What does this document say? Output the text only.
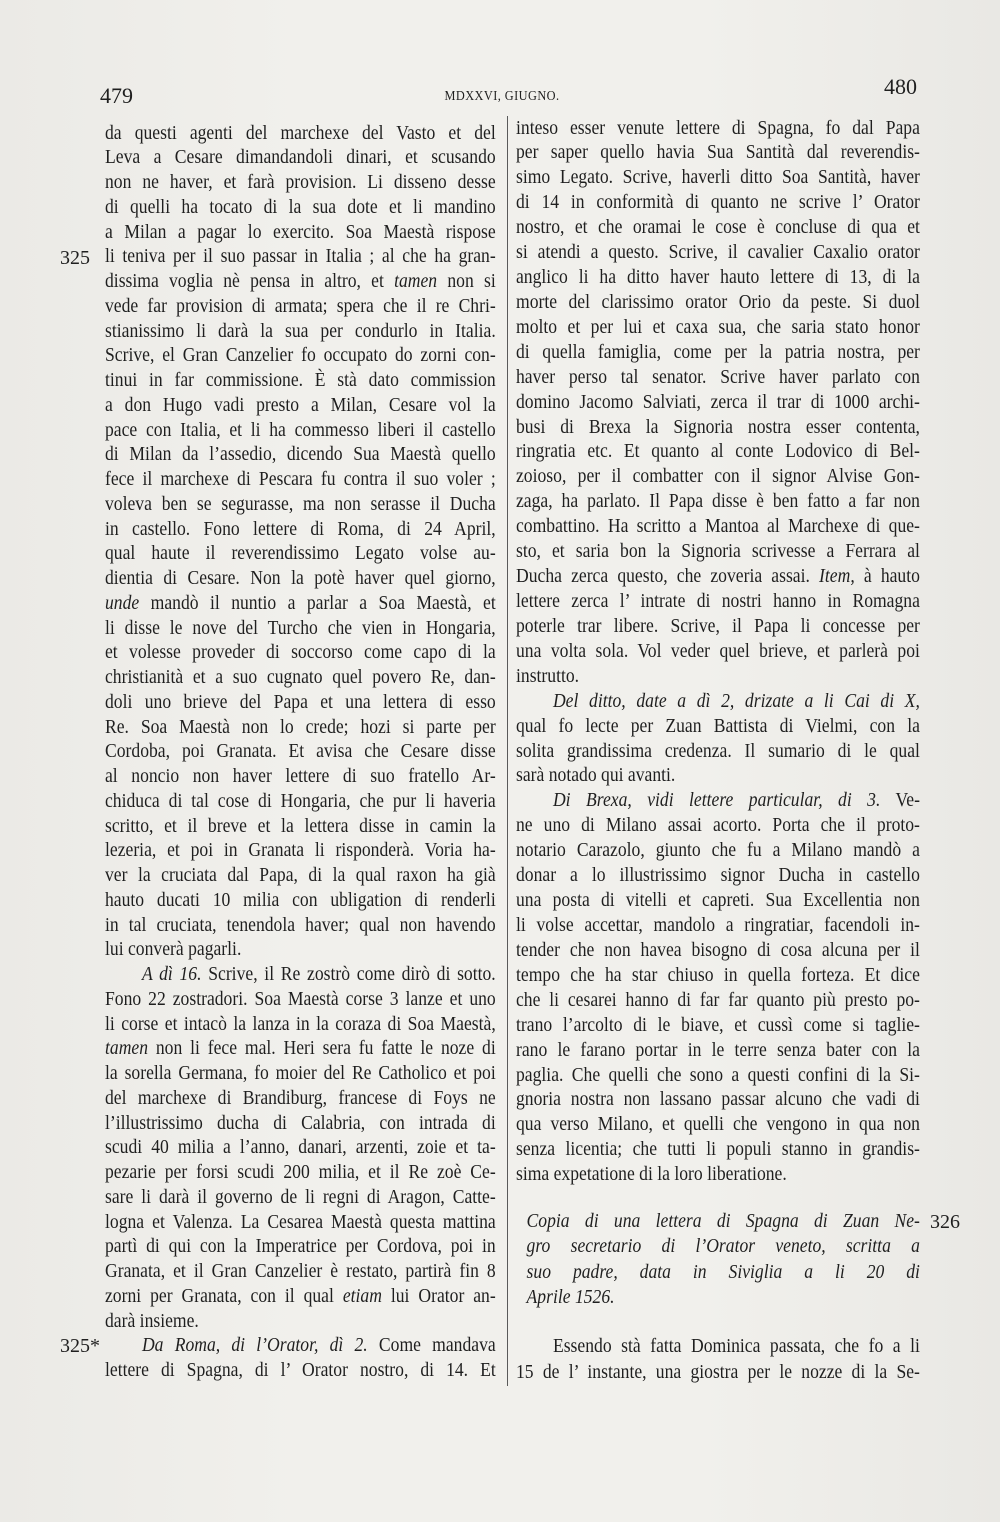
479	MDXXVI, GIUGNO.	480
325
325*
326
da questi agenti del marchexe del Vasto et del
Leva a Cesare dimandandoli dinari, et scusando
non ne haver, et farà provision. Li disseno desse
di quelli ha tocato di la sua dote et li mandino
a Milan a pagar lo exercito. Soa Maestà rispose
li teniva per il suo passar in Italia ; al che ha gran-
dissima voglia nè pensa in altro, et tamen non si
vede far provision di armata; spera che il re Chri-
stianissimo li darà la sua per condurlo in Italia.
Scrive, el Gran Canzelier fo occupato do zorni con-
tinui in far commissione. È stà dato commission
a don Hugo vadi presto a Milan, Cesare vol la
pace con Italia, et li ha commesso liberi il castello
di Milan da l’assedio, dicendo Sua Maestà quello
fece il marchexe di Pescara fu contra il suo voler ;
voleva ben se segurasse, ma non serasse il Ducha
in castello. Fono lettere di Roma, di 24 April,
qual haute il reverendissimo Legato volse au-
dientia di Cesare. Non la potè haver quel giorno,
unde mandò il nuntio a parlar a Soa Maestà, et
li disse le nove del Turcho che vien in Hongaria,
et volesse proveder di soccorso come capo di la
christianità et a suo cugnato quel povero Re, dan-
doli uno brieve del Papa et una lettera di esso
Re. Soa Maestà non lo crede; hozi si parte per
Cordoba, poi Granata. Et avisa che Cesare disse
al noncio non haver lettere di suo fratello Ar-
chiduca di tal cose di Hongaria, che pur li haveria
scritto, et il breve et la lettera disse in camin la
lezeria, et poi in Granata li risponderà. Voria ha-
ver la cruciata dal Papa, di la qual raxon ha già
hauto ducati 10 milia con ubligation di renderli
in tal cruciata, tenendola haver; qual non havendo
lui converà pagarli.
A dì 16. Scrive, il Re zostrò come dirò di sotto.
Fono 22 zostradori. Soa Maestà corse 3 lanze et uno
li corse et intacò la lanza in la coraza di Soa Maestà,
tamen non li fece mal. Heri sera fu fatte le noze di
la sorella Germana, fo moier del Re Catholico et poi
del marchexe di Brandiburg, francese di Foys ne
l’illustrissimo ducha di Calabria, con intrada di
scudi 40 milia a l’anno, danari, arzenti, zoie et ta-
pezarie per forsi scudi 200 milia, et il Re zoè Ce-
sare li darà il governo de li regni di Aragon, Catte-
logna et Valenza. La Cesarea Maestà questa mattina
partì di qui con la Imperatrice per Cordova, poi in
Granata, et il Gran Canzelier è restato, partirà fin 8
zorni per Granata, con il qual etiam lui Orator an-
darà insieme.
Da Roma, di l’Orator, dì 2. Come mandava
lettere di Spagna, di l’ Orator nostro, di 14. Et
inteso esser venute lettere di Spagna, fo dal Papa
per saper quello havia Sua Santità dal reverendis-
simo Legato. Scrive, haverli ditto Soa Santità, haver
di 14 in conformità di quanto ne scrive l’ Orator
nostro, et che oramai le cose è concluse di qua et
si atendi a questo. Scrive, il cavalier Caxalio orator
anglico li ha ditto haver hauto lettere di 13, di la
morte del clarissimo orator Orio da peste. Si duol
molto et per lui et caxa sua, che saria stato honor
di quella famiglia, come per la patria nostra, per
haver perso tal senator. Scrive haver parlato con
domino Jacomo Salviati, zerca il trar di 1000 archi-
busi di Brexa la Signoria nostra esser contenta,
ringratia etc. Et quanto al conte Lodovico di Bel-
zoioso, per il combatter con il signor Alvise Gon-
zaga, ha parlato. Il Papa disse è ben fatto a far non
combattino. Ha scritto a Mantoa al Marchexe di que-
sto, et saria bon la Signoria scrivesse a Ferrara al
Ducha zerca questo, che zoveria assai. Item, à hauto
lettere zerca l’ intrate di nostri hanno in Romagna
poterle trar libere. Scrive, il Papa li concesse per
una volta sola. Vol veder quel brieve, et parlerà poi
instrutto.
Del ditto, date a dì 2, drizate a li Cai di X,
qual fo lecte per Zuan Battista di Vielmi, con la
solita grandissima credenza. Il sumario di le qual
sarà notado qui avanti.
Di Brexa, vidi lettere particular, di 3. Ve-
ne uno di Milano assai acorto. Porta che il proto-
notario Carazolo, giunto che fu a Milano mandò a
donar a lo illustrissimo signor Ducha in castello
una posta di vitelli et capreti. Sua Excellentia non
li volse accettar, mandolo a ringratiar, facendoli in-
tender che non havea bisogno di cosa alcuna per il
tempo che ha star chiuso in quella forteza. Et dice
che li cesarei hanno di far far quanto più presto po-
trano l’arcolto di le biave, et cussì come si taglie-
rano le farano portar in le terre senza bater con la
paglia. Che quelli che sono a questi confini di la Si-
gnoria nostra non lassano passar alcuno che vadi di
qua verso Milano, et quelli che vengono in qua non
senza licentia; che tutti li populi stanno in grandis-
sima expetatione di la loro liberatione.
Copia di una lettera di Spagna di Zuan Ne-
gro secretario di l’Orator veneto, scritta a
suo padre, data in Siviglia a li 20 di
Aprile 1526.
Essendo stà fatta Dominica passata, che fo a li
15 de l’ instante, una giostra per le nozze di la Se-
